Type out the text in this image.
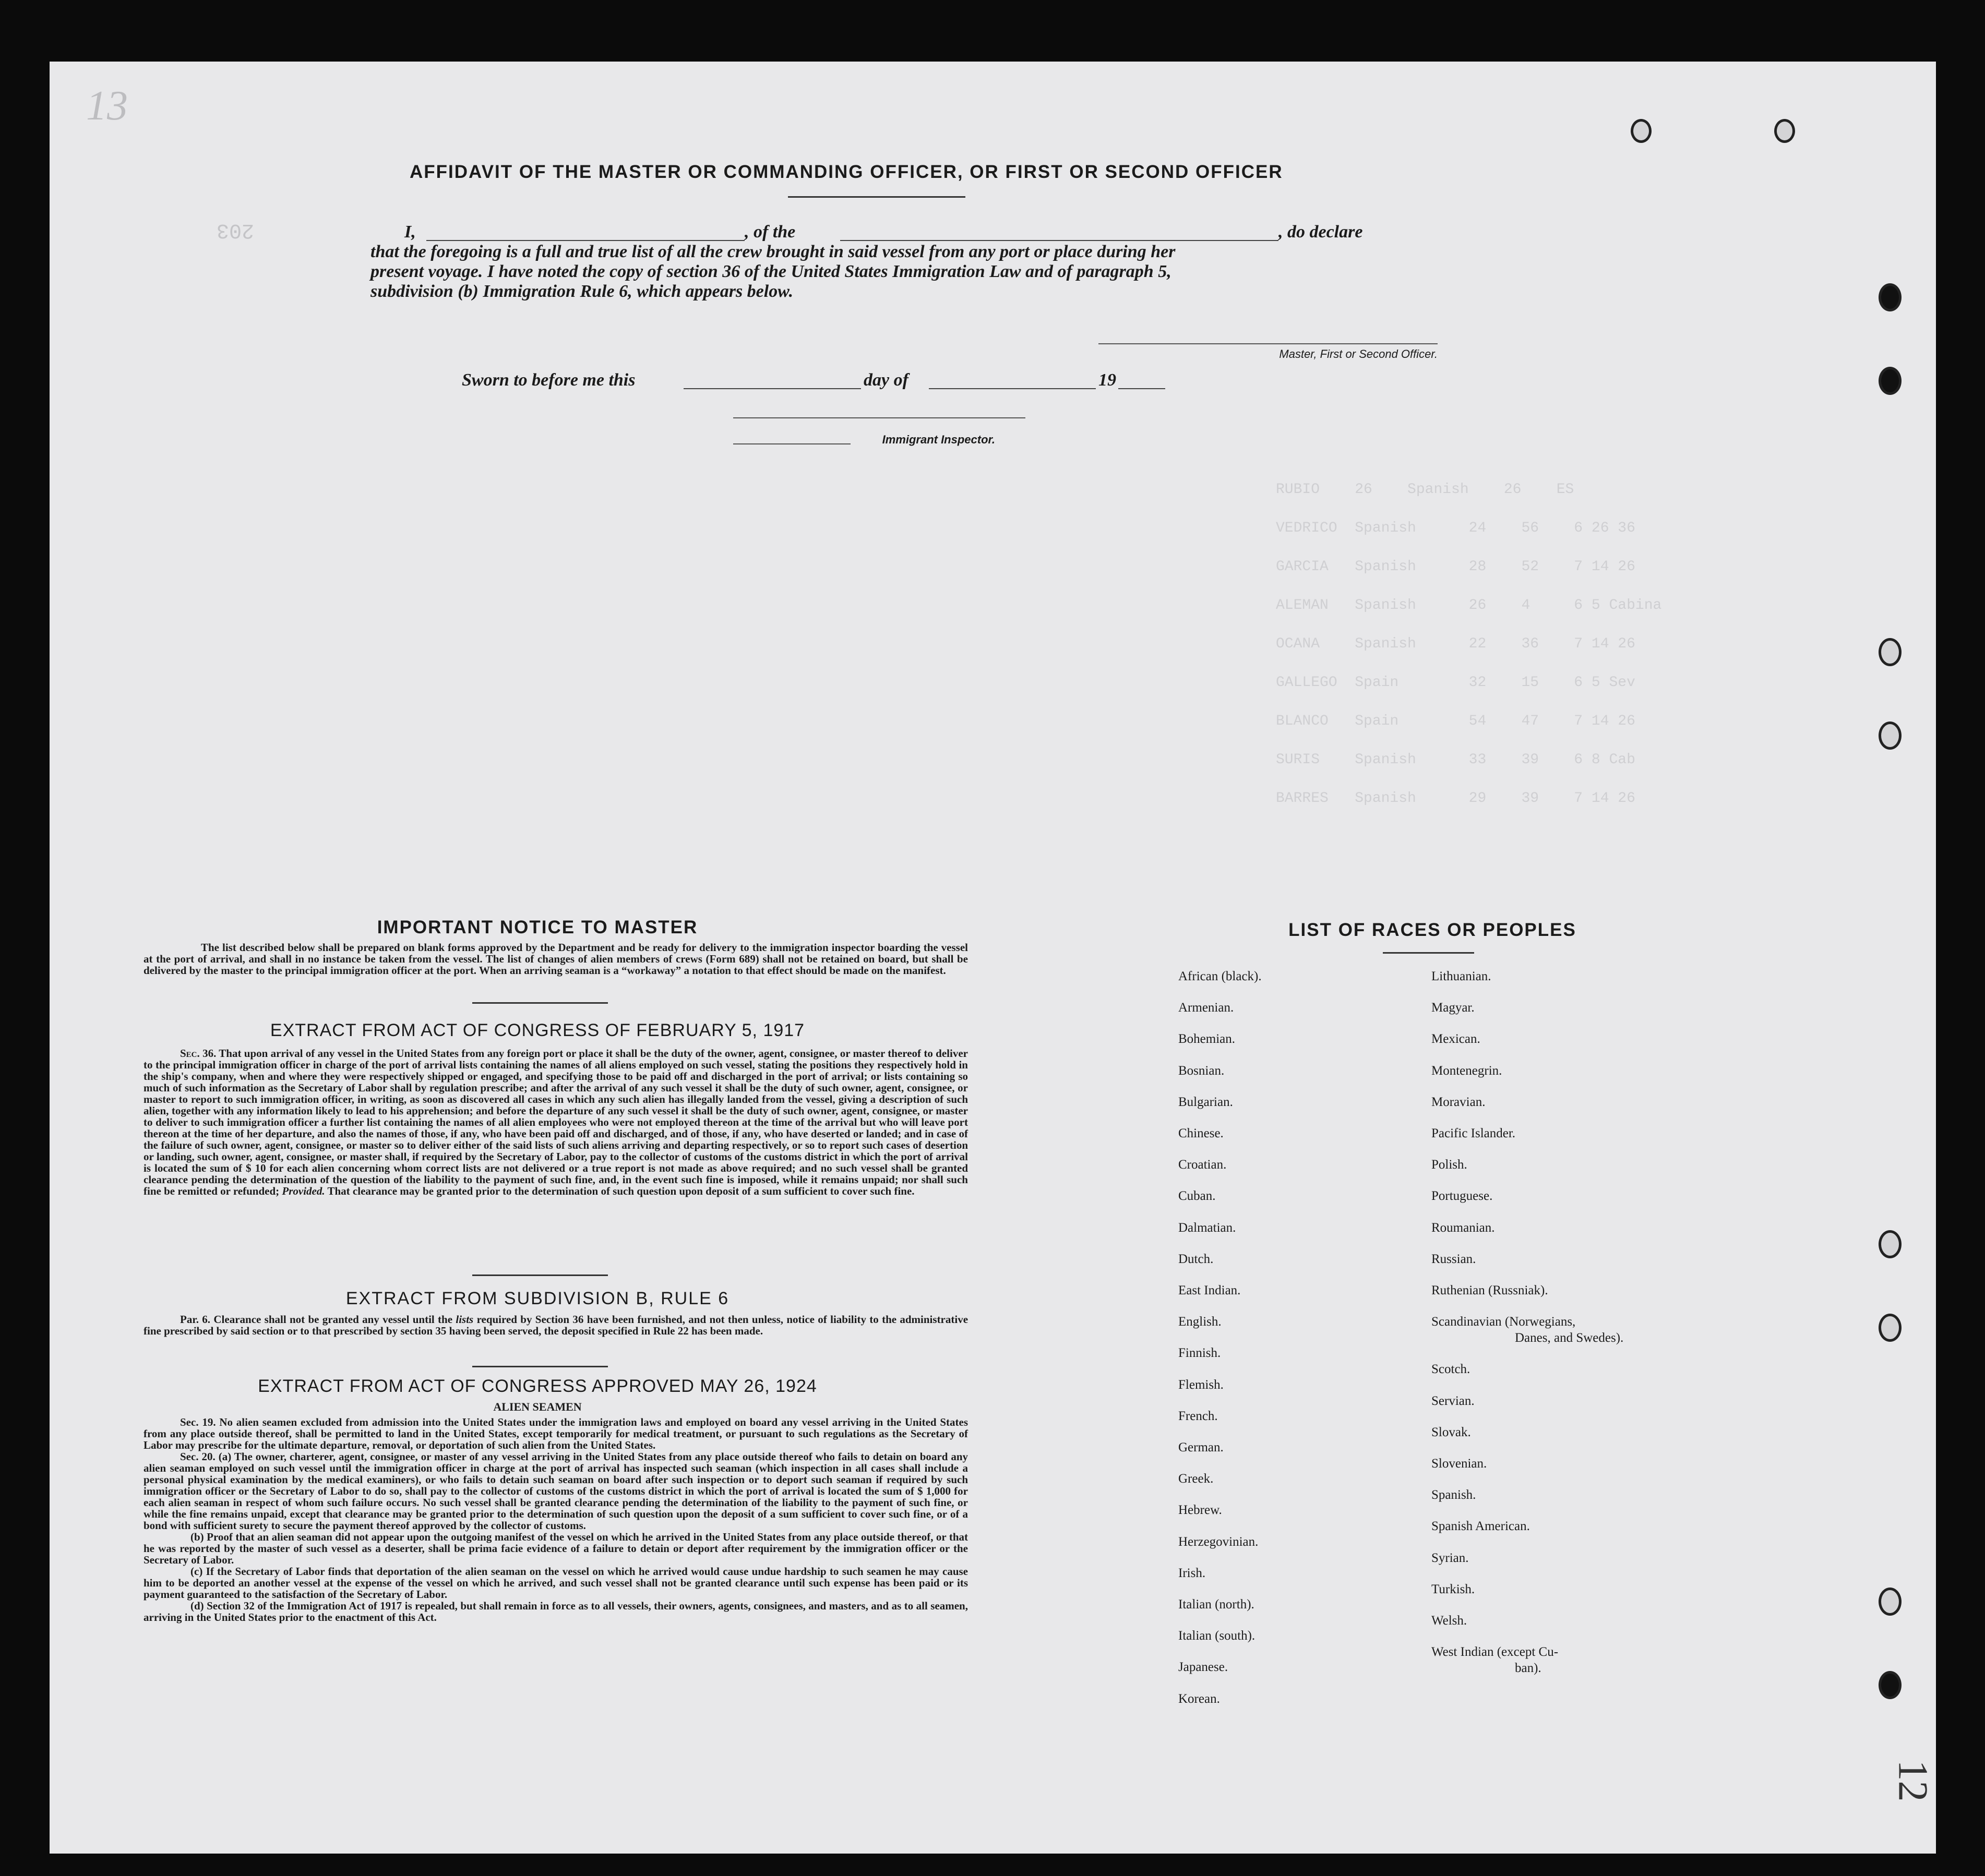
RUBIO    26    Spanish    26    ES
VEDRICO  Spanish      24    56    6 26 36
GARCIA   Spanish      28    52    7 14 26
ALEMAN   Spanish      26    4     6 5 Cabina
OCANA    Spanish      22    36    7 14 26
GALLEGO  Spain        32    15    6 5 Sev
BLANCO   Spain        54    47    7 14 26
SURIS    Spanish      33    39    6 8 Cab
BARRES   Spanish      29    39    7 14 26
13
203
12
AFFIDAVIT OF THE MASTER OR COMMANDING OFFICER, OR FIRST OR SECOND OFFICER
I,	, of the	, do declare
that the foregoing is a full and true list of all the crew brought in said vessel from any port or place during her
present voyage. I have noted the copy of section 36 of the United States Immigration Law and of paragraph 5,
subdivision (b) Immigration Rule 6, which appears below.
Master, First or Second Officer.
Sworn to before me this	day of	19
Immigrant Inspector.
IMPORTANT NOTICE TO MASTER
The list described below shall be prepared on blank forms approved by the Department and be ready for delivery to the immigration inspector boarding the vessel at the port of arrival, and shall in no instance be taken from the vessel. The list of changes of alien members of crews (Form 689) shall not be retained on board, but shall be delivered by the master to the principal immigration officer at the port. When an arriving seaman is a “workaway” a notation to that effect should be made on the manifest.
EXTRACT FROM ACT OF CONGRESS OF FEBRUARY 5, 1917
Sec. 36. That upon arrival of any vessel in the United States from any foreign port or place it shall be the duty of the owner, agent, consignee, or master thereof to deliver to the principal immigration officer in charge of the port of arrival lists containing the names of all aliens employed on such vessel, stating the positions they respectively hold in the ship's company, when and where they were respectively shipped or engaged, and specifying those to be paid off and discharged in the port of arrival; or lists containing so much of such information as the Secretary of Labor shall by regulation prescribe; and after the arrival of any such vessel it shall be the duty of such owner, agent, consignee, or master to report to such immigration officer, in writing, as soon as discovered all cases in which any such alien has illegally landed from the vessel, giving a description of such alien, together with any information likely to lead to his apprehension; and before the departure of any such vessel it shall be the duty of such owner, agent, consignee, or master to deliver to such immigration officer a further list containing the names of all alien employees who were not employed thereon at the time of the arrival but who will leave port thereon at the time of her departure, and also the names of those, if any, who have been paid off and discharged, and of those, if any, who have deserted or landed; and in case of the failure of such owner, agent, consignee, or master so to deliver either of the said lists of such aliens arriving and departing respectively, or so to report such cases of desertion or landing, such owner, agent, consignee, or master shall, if required by the Secretary of Labor, pay to the collector of customs of the customs district in which the port of arrival is located the sum of $ 10 for each alien concerning whom correct lists are not delivered or a true report is not made as above required; and no such vessel shall be granted clearance pending the determination of the question of the liability to the payment of such fine, and, in the event such fine is imposed, while it remains unpaid; nor shall such fine be remitted or refunded; Provided. That clearance may be granted prior to the determination of such question upon deposit of a sum sufficient to cover such fine.
EXTRACT FROM SUBDIVISION B, RULE 6
Par. 6. Clearance shall not be granted any vessel until the lists required by Section 36 have been furnished, and not then unless, notice of liability to the administrative fine prescribed by said section or to that prescribed by section 35 having been served, the deposit specified in Rule 22 has been made.
EXTRACT FROM ACT OF CONGRESS APPROVED MAY 26, 1924
ALIEN SEAMEN
Sec. 19. No alien seamen excluded from admission into the United States under the immigration laws and employed on board any vessel arriving in the United States from any place outside thereof, shall be permitted to land in the United States, except temporarily for medical treatment, or pursuant to such regulations as the Secretary of Labor may prescribe for the ultimate departure, removal, or deportation of such alien from the United States.
Sec. 20. (a) The owner, charterer, agent, consignee, or master of any vessel arriving in the United States from any place outside thereof who fails to detain on board any alien seaman employed on such vessel until the immigration officer in charge at the port of arrival has inspected such seaman (which inspection in all cases shall include a personal physical examination by the medical examiners), or who fails to detain such seaman on board after such inspection or to deport such seaman if required by such immigration officer or the Secretary of Labor to do so, shall pay to the collector of customs of the customs district in which the port of arrival is located the sum of $ 1,000 for each alien seaman in respect of whom such failure occurs. No such vessel shall be granted clearance pending the determination of the liability to the payment of such fine, or while the fine remains unpaid, except that clearance may be granted prior to the determination of such question upon the deposit of a sum sufficient to cover such fine, or of a bond with sufficient surety to secure the payment thereof approved by the collector of customs.
(b) Proof that an alien seaman did not appear upon the outgoing manifest of the vessel on which he arrived in the United States from any place outside thereof, or that he was reported by the master of such vessel as a deserter, shall be prima facie evidence of a failure to detain or deport after requirement by the immigration officer or the Secretary of Labor.
(c) If the Secretary of Labor finds that deportation of the alien seaman on the vessel on which he arrived would cause undue hardship to such seamen he may cause him to be deported an another vessel at the expense of the vessel on which he arrived, and such vessel shall not be granted clearance until such expense has been paid or its payment guaranteed to the satisfaction of the Secretary of Labor.
(d) Section 32 of the Immigration Act of 1917 is repealed, but shall remain in force as to all vessels, their owners, agents, consignees, and masters, and as to all seamen, arriving in the United States prior to the enactment of this Act.
LIST OF RACES OR PEOPLES
African (black).
Armenian.
Bohemian.
Bosnian.
Bulgarian.
Chinese.
Croatian.
Cuban.
Dalmatian.
Dutch.
East Indian.
English.
Finnish.
Flemish.
French.
German.
Greek.
Hebrew.
Herzegovinian.
Irish.
Italian (north).
Italian (south).
Japanese.
Korean.
Lithuanian.
Magyar.
Mexican.
Montenegrin.
Moravian.
Pacific Islander.
Polish.
Portuguese.
Roumanian.
Russian.
Ruthenian (Russniak).
Scandinavian (Norwegians,
Danes, and Swedes).
Scotch.
Servian.
Slovak.
Slovenian.
Spanish.
Spanish American.
Syrian.
Turkish.
Welsh.
West Indian (except Cu-
ban).
